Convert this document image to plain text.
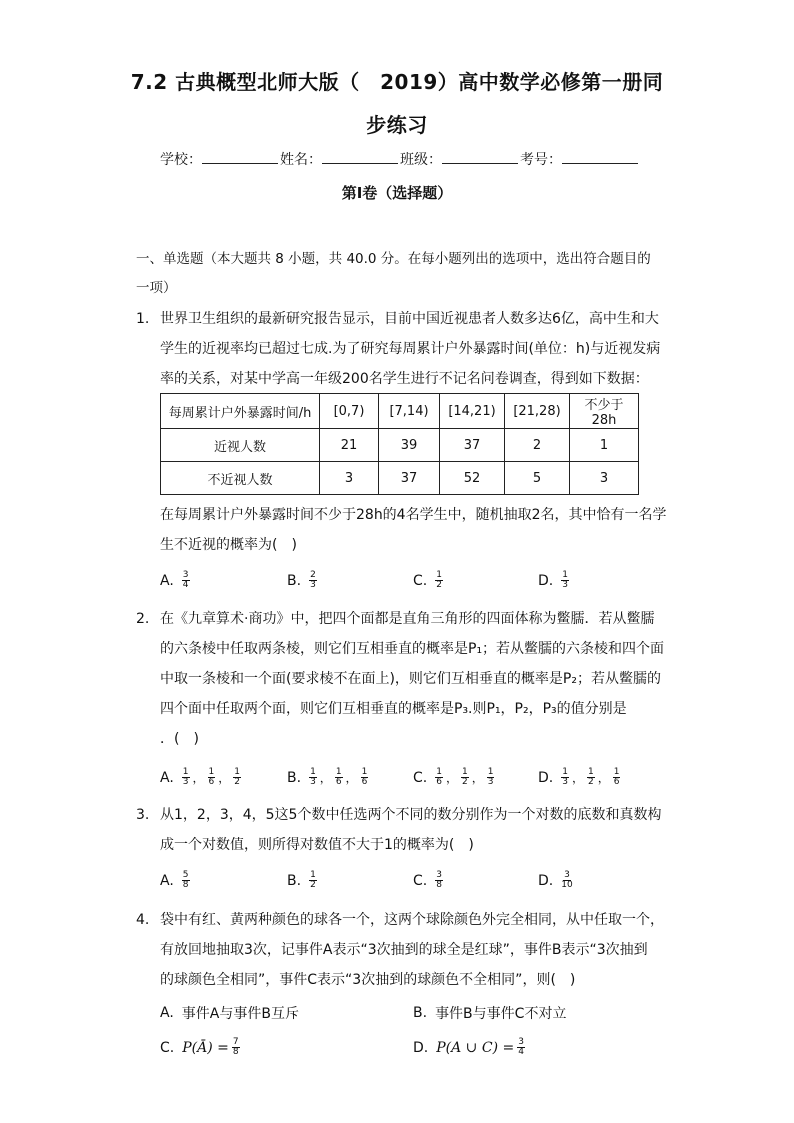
7.2 古典概型北师大版（　2019）高中数学必修第一册同
步练习
学校：	姓名：	班级：	考号：
第I卷（选择题）
一、单选题（本大题共 8 小题，共 40.0 分。在每小题列出的选项中，选出符合题目的
一项）
1. 世界卫生组织的最新研究报告显示，目前中国近视患者人数多达6亿，高中生和大
学生的近视率均已超过七成.为了研究每周累计户外暴露时间(单位：h)与近视发病
率的关系，对某中学高一年级200名学生进行不记名问卷调查，得到如下数据：
每周累计户外暴露时间/h	[0,7)	[7,14)	[14,21)	[21,28)	不少于28h
近视人数	21	39	37	2	1
不近视人数	3	37	52	5	3
在每周累计户外暴露时间不少于28h的4名学生中，随机抽取2名，其中恰有一名学
生不近视的概率为(　)
A. $\frac{3}{4}$	B. $\frac{2}{3}$	C. $\frac{1}{2}$	D. $\frac{1}{3}$
2. 在《九章算术·商功》中，把四个面都是直角三角形的四面体称为鳖臑．若从鳖臑
的六条棱中任取两条棱，则它们互相垂直的概率是P₁；若从鳖臑的六条棱和四个面
中取一条棱和一个面(要求棱不在面上)，则它们互相垂直的概率是P₂；若从鳖臑的
四个面中任取两个面，则它们互相垂直的概率是P₃.则P₁，P₂，P₃的值分别是
．(　)
A. $\frac{1}{3}$ ， $\frac{1}{6}$ ， $\frac{1}{2}$	B. $\frac{1}{3}$ ， $\frac{1}{6}$ ， $\frac{1}{6}$	C. $\frac{1}{6}$ ， $\frac{1}{2}$ ， $\frac{1}{3}$	D. $\frac{1}{3}$ ， $\frac{1}{2}$ ， $\frac{1}{6}$
3. 从1，2，3，4，5这5个数中任选两个不同的数分别作为一个对数的底数和真数构
成一个对数值，则所得对数值不大于1的概率为(　)
A. $\frac{5}{8}$	B. $\frac{1}{2}$	C. $\frac{3}{8}$	D. $\frac{3}{10}$
4. 袋中有红、黄两种颜色的球各一个，这两个球除颜色外完全相同，从中任取一个，
有放回地抽取3次，记事件A表示“3次抽到的球全是红球”，事件B表示“3次抽到
的球颜色全相同”，事件C表示“3次抽到的球颜色不全相同”，则(　)
A. 事件A与事件B互斥	B. 事件B与事件C不对立
C. P(Ā) = $\frac{7}{8}$	D. P(A ∪ $C) = \frac{3}{4}$
